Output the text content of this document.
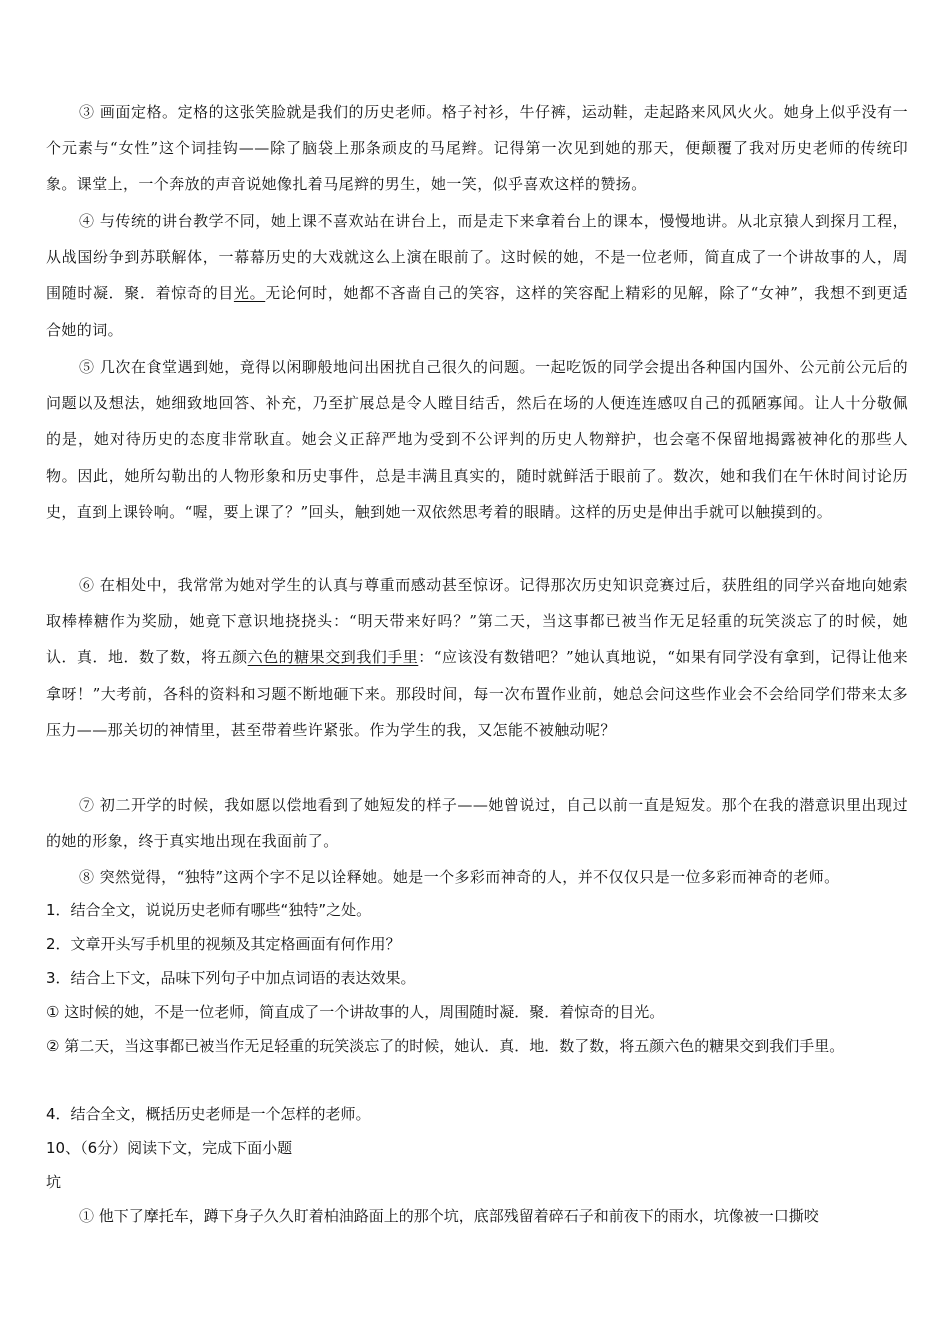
③ 画面定格。定格的这张笑脸就是我们的历史老师。格子衬衫，牛仔裤，运动鞋，走起路来风风火火。她身上似乎没有一个元素与“女性”这个词挂钩——除了脑袋上那条顽皮的马尾辫。记得第一次见到她的那天，便颠覆了我对历史老师的传统印象。课堂上，一个奔放的声音说她像扎着马尾辫的男生，她一笑，似乎喜欢这样的赞扬。
④ 与传统的讲台教学不同，她上课不喜欢站在讲台上，而是走下来拿着台上的课本，慢慢地讲。从北京猿人到探月工程，从战国纷争到苏联解体，一幕幕历史的大戏就这么上演在眼前了。这时候的她，不是一位老师，简直成了一个讲故事的人，周围随时凝．聚．着惊奇的目光。无论何时，她都不吝啬自己的笑容，这样的笑容配上精彩的见解，除了“女神”，我想不到更适合她的词。
⑤ 几次在食堂遇到她，竟得以闲聊般地问出困扰自己很久的问题。一起吃饭的同学会提出各种国内国外、公元前公元后的问题以及想法，她细致地回答、补充，乃至扩展总是令人瞠目结舌，然后在场的人便连连感叹自己的孤陋寡闻。让人十分敬佩的是，她对待历史的态度非常耿直。她会义正辞严地为受到不公评判的历史人物辩护，也会毫不保留地揭露被神化的那些人物。因此，她所勾勒出的人物形象和历史事件，总是丰满且真实的，随时就鲜活于眼前了。数次，她和我们在午休时间讨论历史，直到上课铃响。“喔，要上课了？”回头，触到她一双依然思考着的眼睛。这样的历史是伸出手就可以触摸到的。
⑥ 在相处中，我常常为她对学生的认真与尊重而感动甚至惊讶。记得那次历史知识竞赛过后，获胜组的同学兴奋地向她索取棒棒糖作为奖励，她竟下意识地挠挠头：“明天带来好吗？”第二天，当这事都已被当作无足轻重的玩笑淡忘了的时候，她认．真．地．数了数，将五颜六色的糖果交到我们手里：“应该没有数错吧？”她认真地说，“如果有同学没有拿到，记得让他来拿呀！”大考前，各科的资料和习题不断地砸下来。那段时间，每一次布置作业前，她总会问这些作业会不会给同学们带来太多压力——那关切的神情里，甚至带着些许紧张。作为学生的我，又怎能不被触动呢？
⑦ 初二开学的时候，我如愿以偿地看到了她短发的样子——她曾说过，自己以前一直是短发。那个在我的潜意识里出现过的她的形象，终于真实地出现在我面前了。
⑧ 突然觉得，“独特”这两个字不足以诠释她。她是一个多彩而神奇的人，并不仅仅只是一位多彩而神奇的老师。
1．结合全文，说说历史老师有哪些“独特”之处。
2．文章开头写手机里的视频及其定格画面有何作用？
3．结合上下文，品味下列句子中加点词语的表达效果。
① 这时候的她，不是一位老师，简直成了一个讲故事的人，周围随时凝．聚．着惊奇的目光。
② 第二天，当这事都已被当作无足轻重的玩笑淡忘了的时候，她认．真．地．数了数，将五颜六色的糖果交到我们手里。
4．结合全文，概括历史老师是一个怎样的老师。
10、（6分）阅读下文，完成下面小题
坑
① 他下了摩托车，蹲下身子久久盯着柏油路面上的那个坑，底部残留着碎石子和前夜下的雨水，坑像被一口撕咬
